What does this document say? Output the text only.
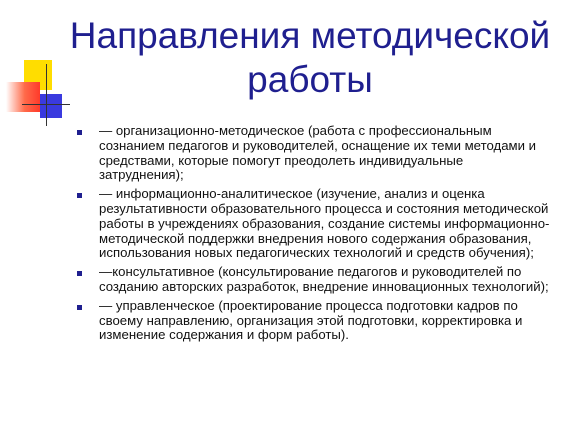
Направления методической работы
— организационно-методическое (работа с профессиональным сознанием педагогов и руководителей, оснащение их теми методами и средствами, которые помогут преодолеть индивидуальные затруднения);
— информационно-аналитическое (изучение, анализ и оценка результативности образовательного процесса и состояния методической работы в учреждениях образования, создание системы информационно-методической поддержки внедрения нового содержания образования, использования новых педагогических технологий и средств обучения);
—консультативное (консультирование педагогов и руководителей по созданию авторских разработок, внедрение инновационных технологий);
— управленческое (проектирование процесса подготовки кадров по своему направлению, организация этой подготовки, корректировка и изменение содержания и форм работы).
